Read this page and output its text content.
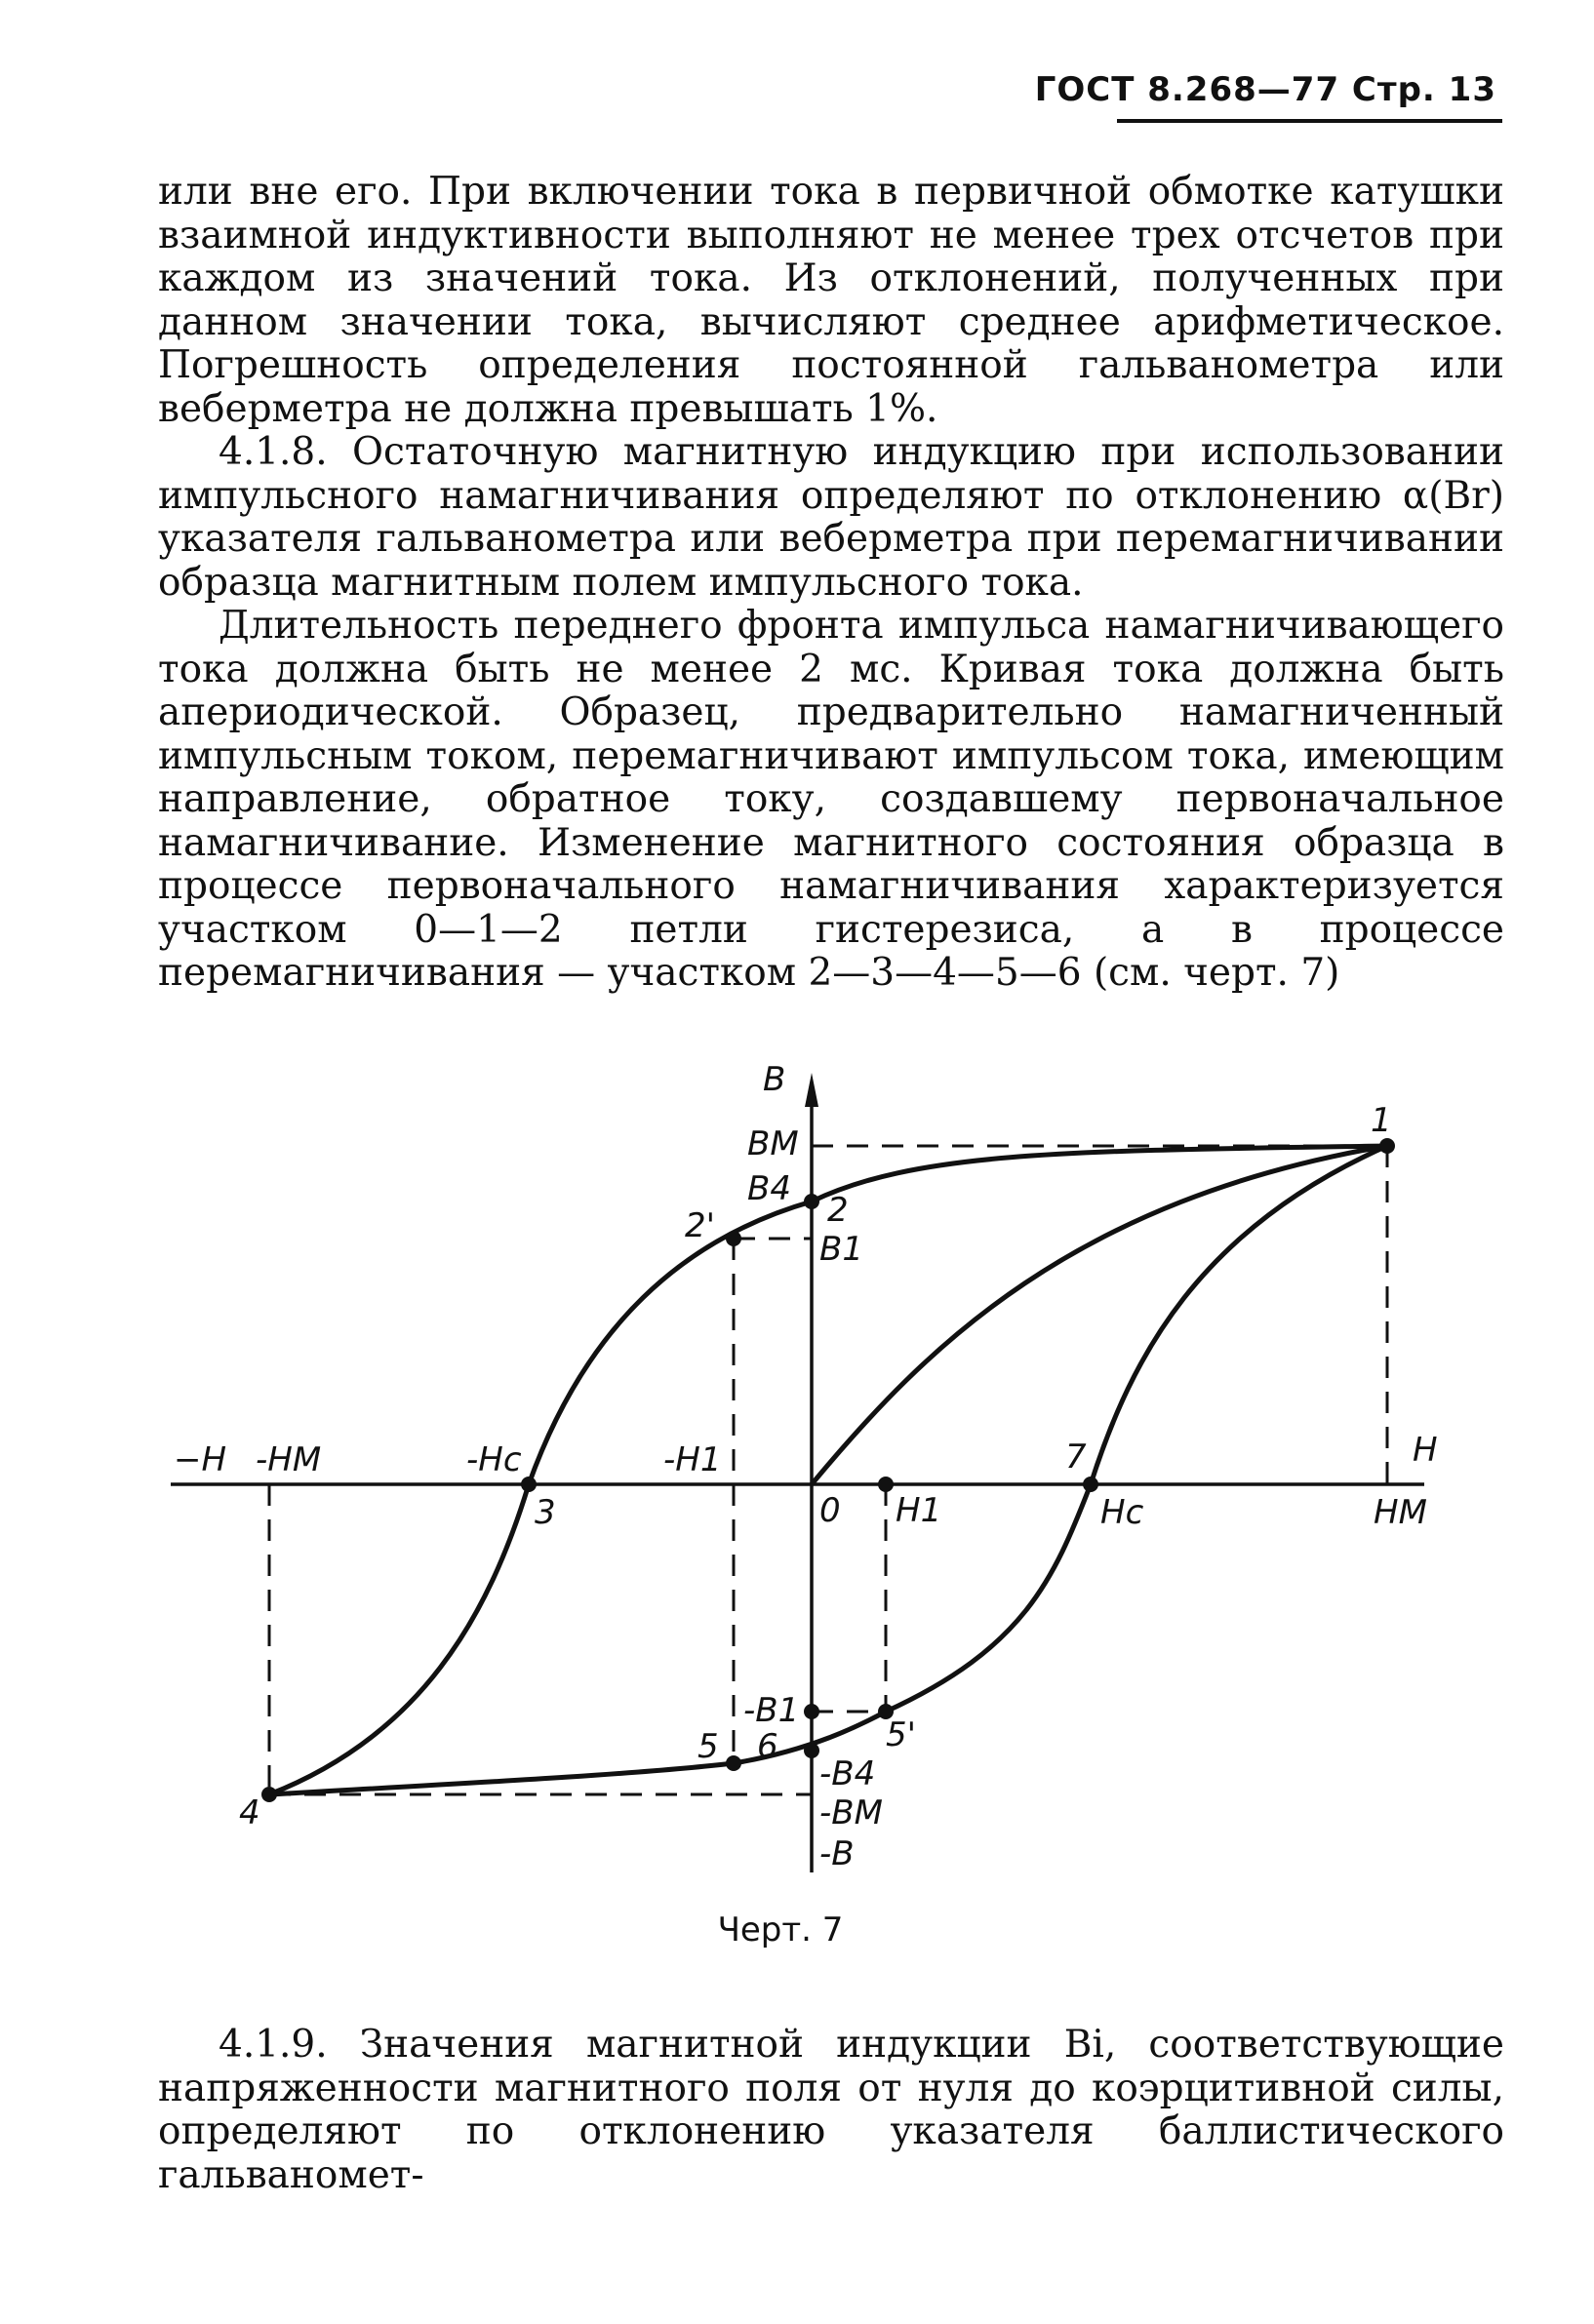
ГОСТ 8.268—77 Стр. 13

или вне его. При включении тока в первичной обмотке катушки взаимной индуктивности выполняют не менее трех отсчетов при каждом из значений тока. Из отклонений, полученных при данном значении тока, вычисляют среднее арифметическое. Погрешность определения постоянной гальванометра или веберметра не должна превышать 1%.

4.1.8. Остаточную магнитную индукцию при использовании импульсного намагничивания определяют по отклонению α(Br) указателя гальванометра или веберметра при перемагничивании образца магнитным полем импульсного тока.

Длительность переднего фронта импульса намагничивающего тока должна быть не менее 2 мс. Кривая тока должна быть апериодической. Образец, предварительно намагниченный импульсным током, перемагничивают импульсом тока, имеющим направление, обратное току, создавшему первоначальное намагничивание. Изменение магнитного состояния образца в процессе первоначального намагничивания характеризуется участком 0—1—2 петли гистерезиса, а в процессе перемагничивания — участком 2—3—4—5—6 (см. черт. 7)

B
H
−H -HM	-Hc	-H1
0 H1	Hc	HM
BM
B4
B1
-B1
-B4
-BM
-B
1
2
2'
3
4
5	5'
6
7
Черт. 7

4.1.9. Значения магнитной индукции Bi, соответствующие напряженности магнитного поля от нуля до коэрцитивной силы, определяют по отклонению указателя баллистического гальваномет-
